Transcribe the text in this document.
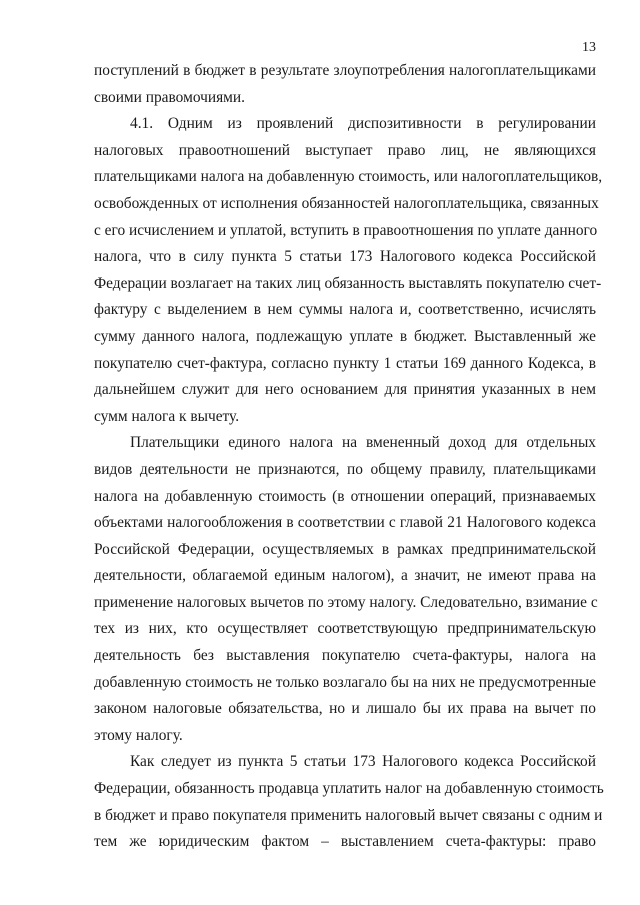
13
поступлений в бюджет в результате злоупотребления налогоплательщиками
своими правомочиями.
4.1. Одним из проявлений диспозитивности в регулировании
налоговых правоотношений выступает право лиц, не являющихся
плательщиками налога на добавленную стоимость, или налогоплательщиков,
освобожденных от исполнения обязанностей налогоплательщика, связанных
с его исчислением и уплатой, вступить в правоотношения по уплате данного
налога, что в силу пункта 5 статьи 173 Налогового кодекса Российской
Федерации возлагает на таких лиц обязанность выставлять покупателю счет-
фактуру с выделением в нем суммы налога и, соответственно, исчислять
сумму данного налога, подлежащую уплате в бюджет. Выставленный же
покупателю счет-фактура, согласно пункту 1 статьи 169 данного Кодекса, в
дальнейшем служит для него основанием для принятия указанных в нем
сумм налога к вычету.
Плательщики единого налога на вмененный доход для отдельных
видов деятельности не признаются, по общему правилу, плательщиками
налога на добавленную стоимость (в отношении операций, признаваемых
объектами налогообложения в соответствии с главой 21 Налогового кодекса
Российской Федерации, осуществляемых в рамках предпринимательской
деятельности, облагаемой единым налогом), а значит, не имеют права на
применение налоговых вычетов по этому налогу. Следовательно, взимание с
тех из них, кто осуществляет соответствующую предпринимательскую
деятельность без выставления покупателю счета-фактуры, налога на
добавленную стоимость не только возлагало бы на них не предусмотренные
законом налоговые обязательства, но и лишало бы их права на вычет по
этому налогу.
Как следует из пункта 5 статьи 173 Налогового кодекса Российской
Федерации, обязанность продавца уплатить налог на добавленную стоимость
в бюджет и право покупателя применить налоговый вычет связаны с одним и
тем же юридическим фактом – выставлением счета-фактуры: право
